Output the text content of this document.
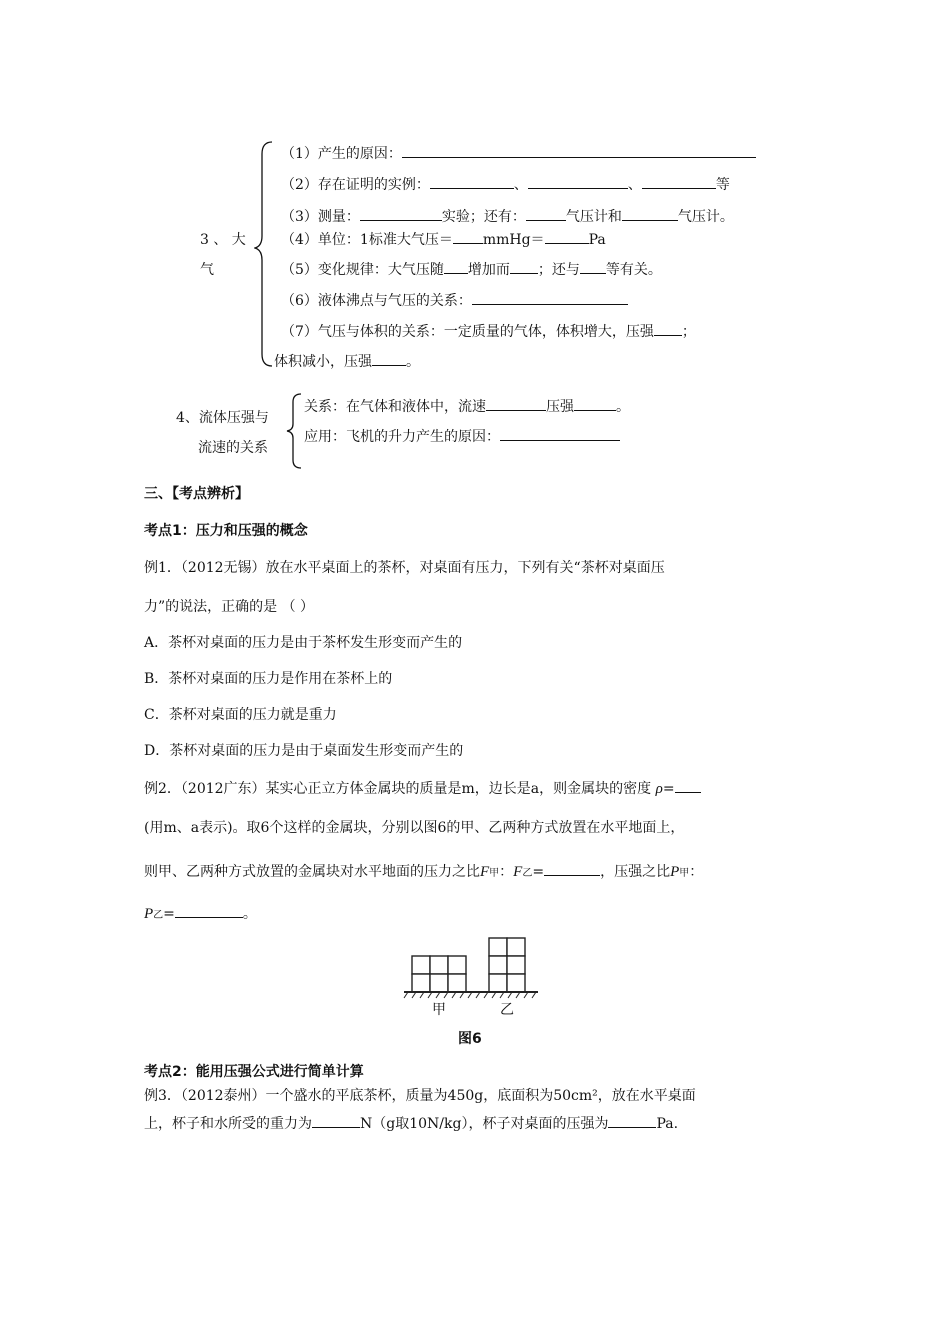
3 、 大
气
（1）产生的原因：
（2）存在证明的实例：	、	、	等
（3）测量：	实验；还有：	气压计和	气压计。
（4）单位：1标准大气压＝ mmHg＝	Pa
（5）变化规律：大气压随 增加而 ；还与 等有关。
（6）液体沸点与气压的关系：
（7）气压与体积的关系：一定质量的气体，体积增大，压强 ；
体积减小，压强 。
4、流体压强与
流速的关系
关系：在气体和液体中，流速	压强	。
应用：飞机的升力产生的原因：
三、【考点辨析】
考点1：压力和压强的概念
例1．（2012无锡）放在水平桌面上的茶杯，对桌面有压力，下列有关“茶杯对桌面压
力”的说法，正确的是 （ ）
A．茶杯对桌面的压力是由于茶杯发生形变而产生的
B．茶杯对桌面的压力是作用在茶杯上的
C．茶杯对桌面的压力就是重力
D．茶杯对桌面的压力是由于桌面发生形变而产生的
例2．（2012广东）某实心正立方体金属块的质量是m，边长是a，则金属块的密度 ρ=
(用m、a表示)。取6个这样的金属块，分别以图6的甲、乙两种方式放置在水平地面上，
则甲、乙两种方式放置的金属块对水平地面的压力之比F甲：F乙=	，压强之比P甲：
P乙=	。
甲	乙
图6
考点2：能用压强公式进行简单计算
例3．（2012泰州）一个盛水的平底茶杯，质量为450g，底面积为50cm²，放在水平桌面
上，杯子和水所受的重力为	N（g取10N/kg），杯子对桌面的压强为	Pa.
